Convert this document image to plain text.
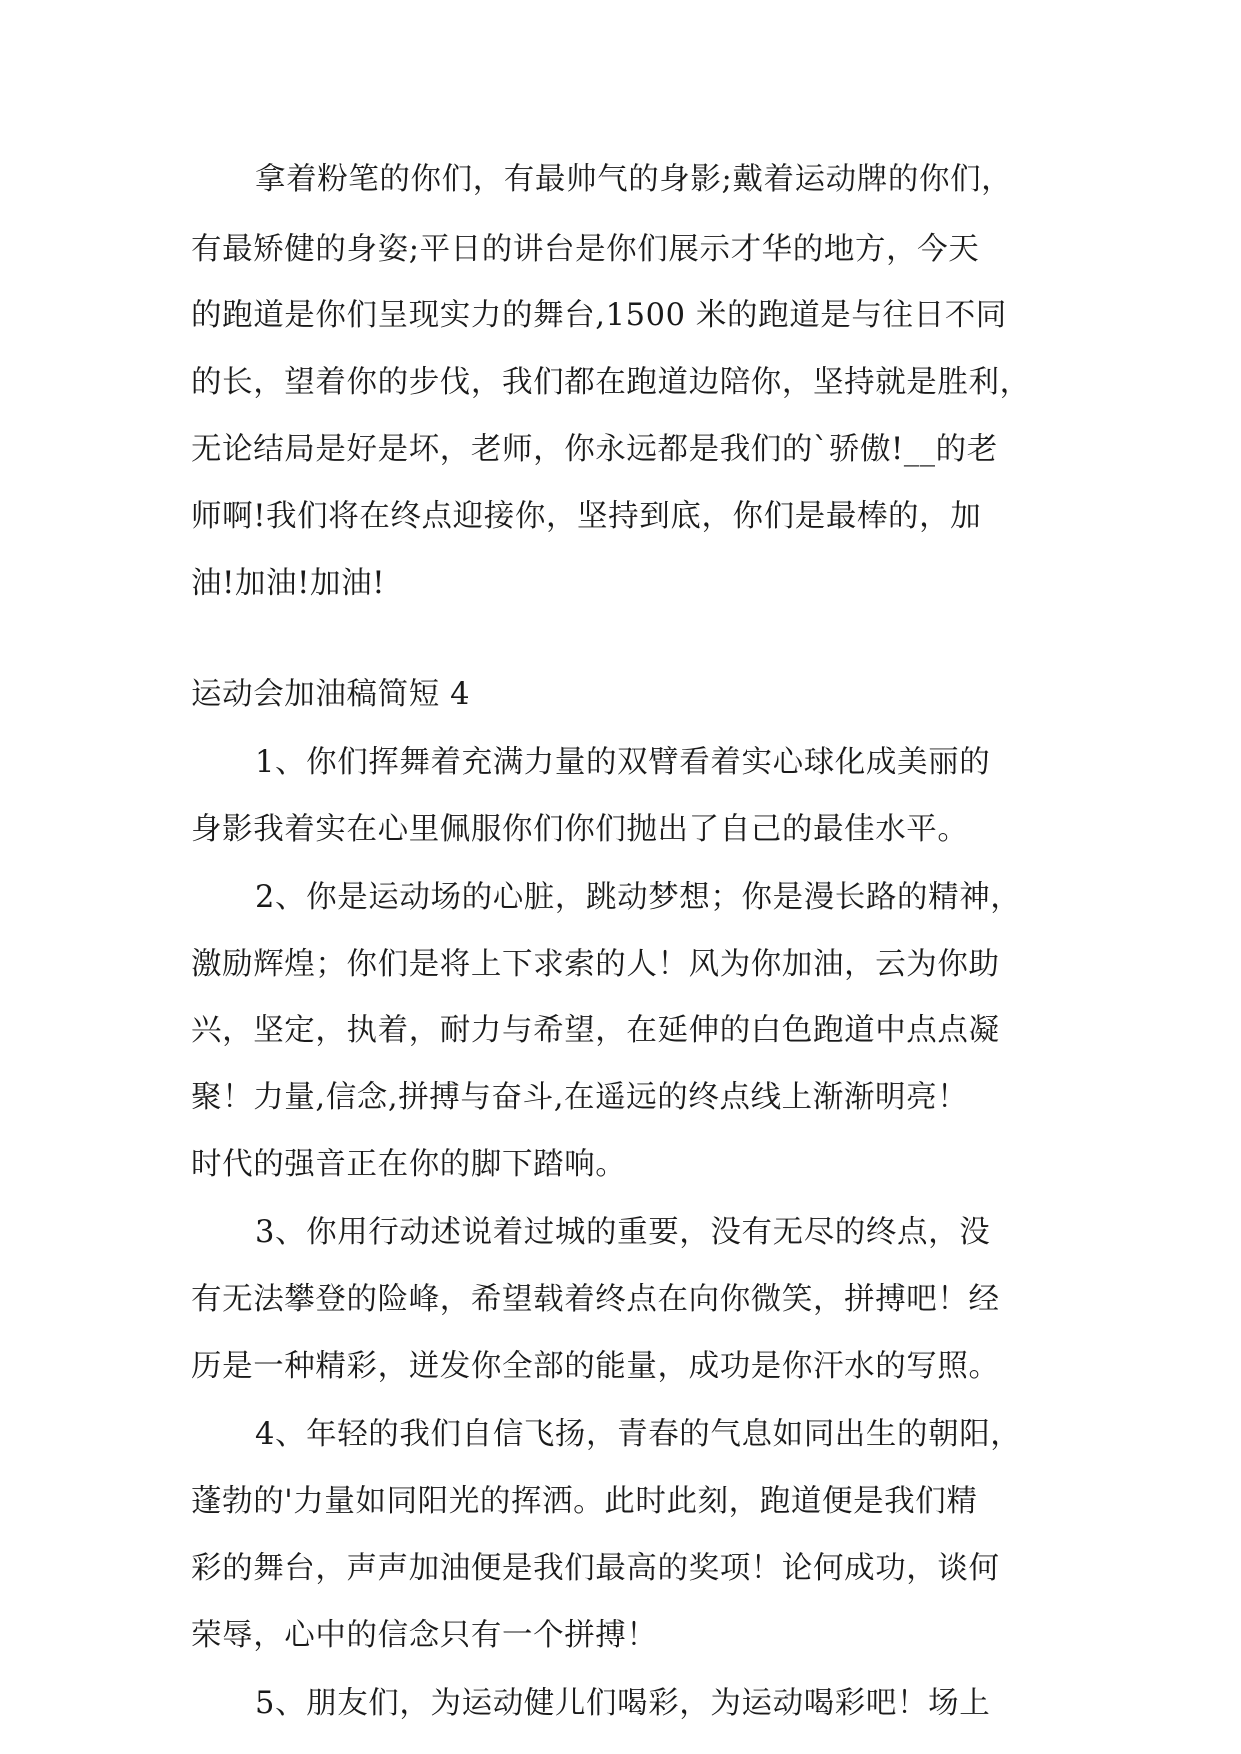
拿着粉笔的你们，有最帅气的身影;戴着运动牌的你们，
有最矫健的身姿;平日的讲台是你们展示才华的地方，今天
的跑道是你们呈现实力的舞台,1500 米的跑道是与往日不同
的长，望着你的步伐，我们都在跑道边陪你，坚持就是胜利，
无论结局是好是坏，老师，你永远都是我们的`骄傲!__的老
师啊!我们将在终点迎接你，坚持到底，你们是最棒的，加
油!加油!加油!
运动会加油稿简短 4
1、你们挥舞着充满力量的双臂看着实心球化成美丽的
身影我着实在心里佩服你们你们抛出了自己的最佳水平。
2、你是运动场的心脏，跳动梦想；你是漫长路的精神，
激励辉煌；你们是将上下求索的人！风为你加油，云为你助
兴，坚定，执着，耐力与希望，在延伸的白色跑道中点点凝
聚！力量,信念,拼搏与奋斗,在遥远的终点线上渐渐明亮！
时代的强音正在你的脚下踏响。
3、你用行动述说着过城的重要，没有无尽的终点，没
有无法攀登的险峰，希望载着终点在向你微笑，拼搏吧！经
历是一种精彩，迸发你全部的能量，成功是你汗水的写照。
4、年轻的我们自信飞扬，青春的气息如同出生的朝阳，
蓬勃的'力量如同阳光的挥洒。此时此刻，跑道便是我们精
彩的舞台，声声加油便是我们最高的奖项！论何成功，谈何
荣辱，心中的信念只有一个拼搏！
5、朋友们，为运动健儿们喝彩，为运动喝彩吧！场上
